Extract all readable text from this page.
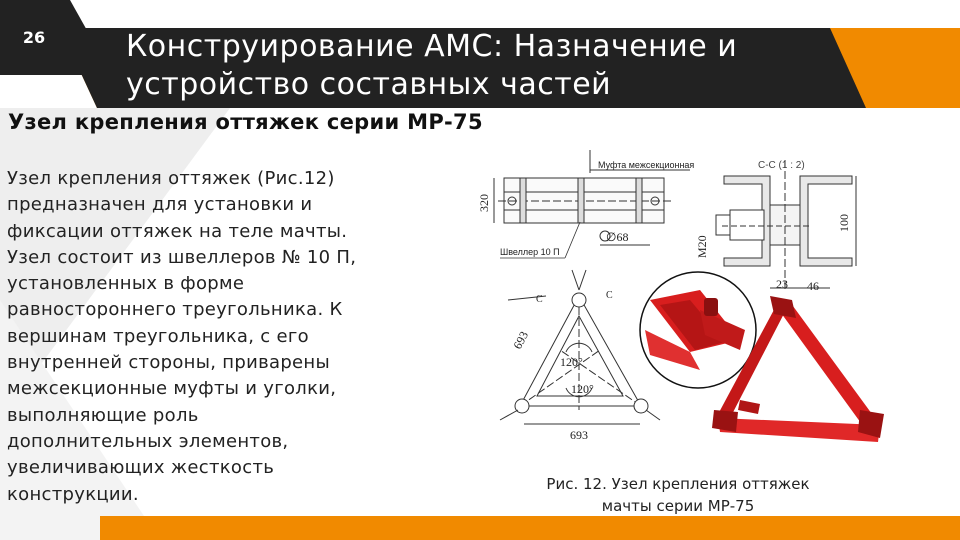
26	Конструирование АМС: Назначение и
устройство составных частей
Узел крепления оттяжек серии МР-75
Узел крепления оттяжек (Рис.12)
предназначен для установки и
фиксации оттяжек на теле мачты.
Узел состоит из швеллеров № 10 П,
установленных в форме
равностороннего треугольника. К
вершинам треугольника, с его
внутренней стороны, приварены
межсекционные муфты и уголки,
выполняющие роль
дополнительных элементов,
увеличивающих жесткость
конструкции.
320
Муфта межсекционная
∅68
Швеллер 10 П
С-С (1 : 2)
100
M20
23 46
693
120°
120°
693
C	C
Рис. 12. Узел крепления оттяжек
мачты серии МР-75
